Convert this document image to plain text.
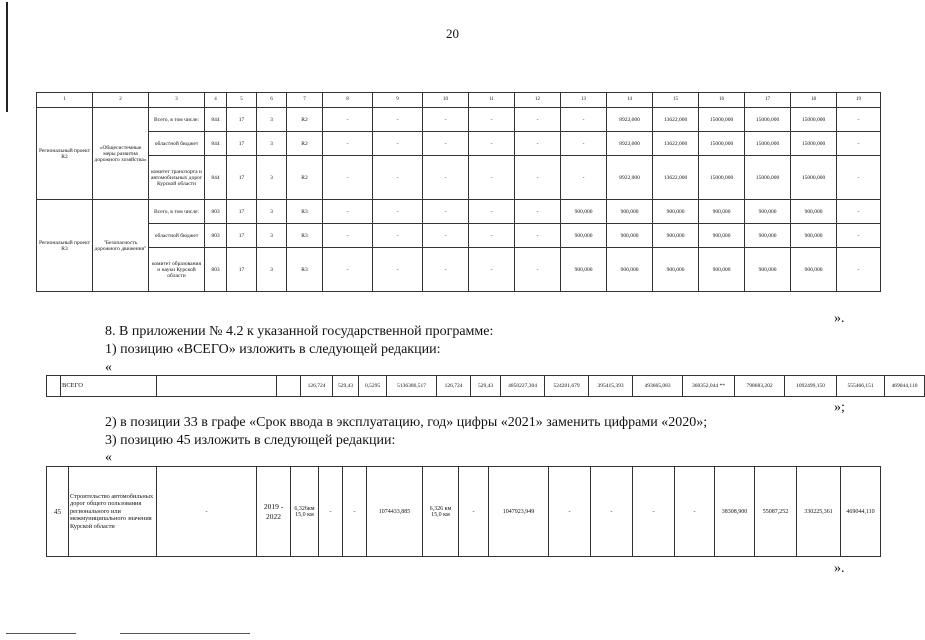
20
1	2	3	4	5	6	7	8	9	10	11	12	13	14	15	16	17	18	19
Региональный проект R2	«Общесистемные меры развития дорожного хозяйства»	Всего, в том числе:	844	17	3	R2	-	-	-	-	-	-	8922,000	13622,000	15000,000	15000,000	15000,000	-
		областной бюджет	844	17	3	R2	-	-	-	-	-	-	8922,000	13622,000	15000,000	15000,000	15000,000	-
		комитет транспорта и автомобильных дорог Курской области	844	17	3	R2	-	-	-	-	-	-	8922,000	13622,000	15000,000	15000,000	15000,000	-
Региональный проект R3	"Безопасность дорожного движения"	Всего, в том числе:	803	17	3	R3	-	-	-	-	-	900,000	900,000	900,000	900,000	900,000	900,000	-
		областной бюджет	803	17	3	R3	-	-	-	-	-	900,000	900,000	900,000	900,000	900,000	900,000	-
		комитет образования и науки Курской области	803	17	3	R3	-	-	-	-	-	900,000	900,000	900,000	900,000	900,000	900,000	-
».
8. В приложении № 4.2 к указанной государственной программе:
1) позицию «ВСЕГО» изложить в следующей редакции:
«
	ВСЕГО			126,724	529,43	0,5295	5136386,517	126,724	529,43	4850227,304	524201,679	395415,393	493665,083	360352,044 **	798683,202	1092499,150	555466,151	469044,110
»;
2) в позиции 33 в графе «Срок ввода в эксплуатацию, год» цифры «2021» заменить цифрами «2020»;
3) позицию 45 изложить в следующей редакции:
«
45	Строительство автомобильных дорог общего пользования регионального или межмуниципального значения Курской области	-	2019 - 2022	6,326км 15,0 км	-	-	1074433,885	6,326 км 15,0 км	-	1047923,949	-	-	-	-	38308,900	55087,252	330225,361	469044,110
».
